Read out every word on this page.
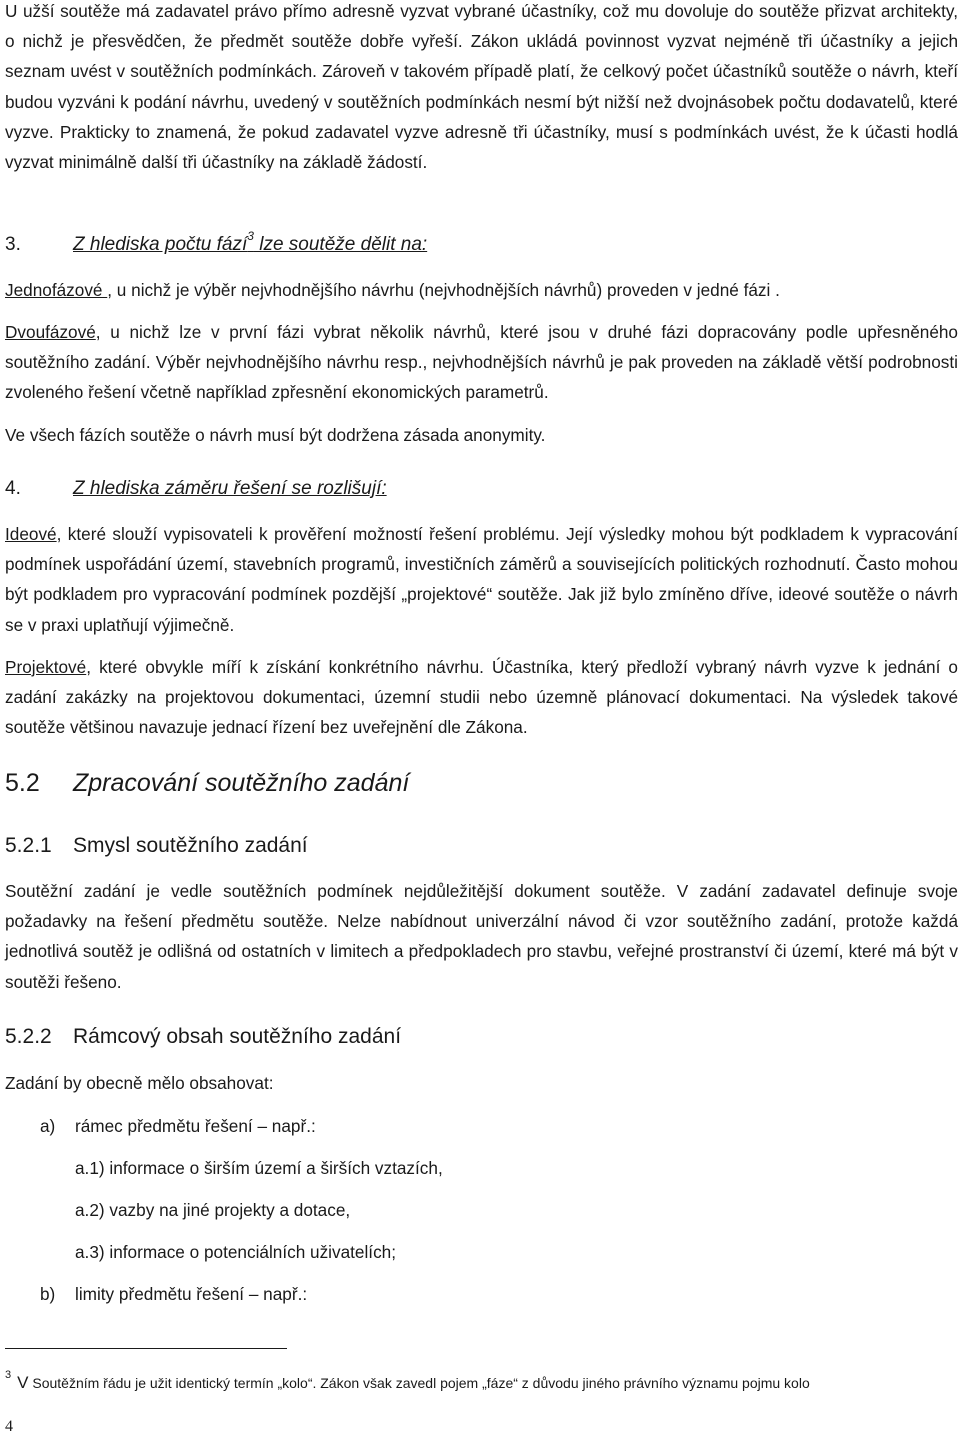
U užší soutěže má zadavatel právo přímo adresně vyzvat vybrané účastníky, což mu dovoluje do soutěže přizvat architekty, o nichž je přesvědčen, že předmět soutěže dobře vyřeší. Zákon ukládá povinnost vyzvat nejméně tři účastníky a jejich seznam uvést v soutěžních podmínkách. Zároveň v takovém případě platí, že celkový počet účastníků soutěže o návrh, kteří budou vyzváni k podání návrhu, uvedený v soutěžních podmínkách nesmí být nižší než dvojnásobek počtu dodavatelů, které vyzve. Prakticky to znamená, že pokud zadavatel vyzve adresně tři účastníky, musí s podmínkách uvést, že k účasti hodlá vyzvat minimálně další tři účastníky na základě žádostí.

3.	Z hlediska počtu fází$^3$ lze soutěže dělit na:

Jednofázové , u nichž je výběr nejvhodnějšího návrhu (nejvhodnějších návrhů) proveden v jedné fázi .

Dvoufázové, u nichž lze v první fázi vybrat několik návrhů, které jsou v druhé fázi dopracovány podle upřesněného soutěžního zadání. Výběr nejvhodnějšího návrhu resp., nejvhodnějších návrhů je pak proveden na základě větší podrobnosti zvoleného řešení včetně například zpřesnění ekonomických parametrů.

Ve všech fázích soutěže o návrh musí být dodržena zásada anonymity.

4.	Z hlediska záměru řešení se rozlišují:

Ideové, které slouží vypisovateli k prověření možností řešení problému. Její výsledky mohou být podkladem k vypracování podmínek uspořádání území, stavebních programů, investičních záměrů a souvisejících politických rozhodnutí. Často mohou být podkladem pro vypracování podmínek pozdější „projektové“ soutěže. Jak již bylo zmíněno dříve, ideové soutěže o návrh se v praxi uplatňují výjimečně.

Projektové, které obvykle míří k získání konkrétního návrhu. Účastníka, který předloží vybraný návrh vyzve k jednání o zadání zakázky na projektovou dokumentaci, územní studii nebo územně plánovací dokumentaci. Na výsledek takové soutěže většinou navazuje jednací řízení bez uveřejnění dle Zákona.

5.2 Zpracování soutěžního zadání
5.2.1 Smysl soutěžního zadání

Soutěžní zadání je vedle soutěžních podmínek nejdůležitější dokument soutěže. V zadání zadavatel definuje svoje požadavky na řešení předmětu soutěže. Nelze nabídnout univerzální návod či vzor soutěžního zadání, protože každá jednotlivá soutěž je odlišná od ostatních v limitech a předpokladech pro stavbu, veřejné prostranství či území, které má být v soutěži řešeno.

5.2.2 Rámcový obsah soutěžního zadání

Zadání by obecně mělo obsahovat:

a) rámec předmětu řešení – např.:

a.1) informace o širším území a širších vztazích,

a.2) vazby na jiné projekty a dotace,

a.3) informace o potenciálních uživatelích;

b) limity předmětu řešení – např.:

$^3$ V Soutěžním řádu je užit identický termín „kolo“. Zákon však zavedl pojem „fáze“ z důvodu jiného právního významu pojmu kolo

4
